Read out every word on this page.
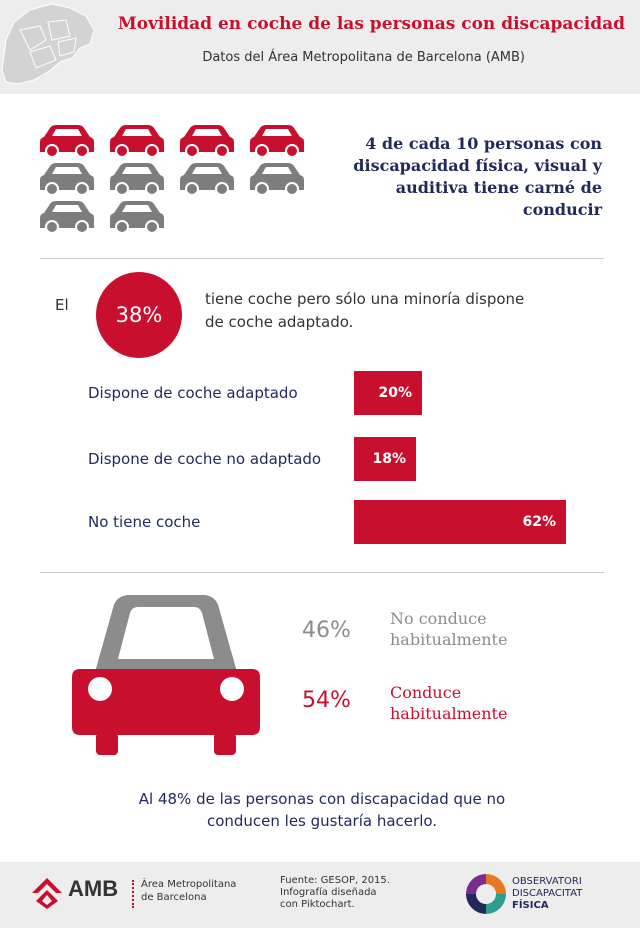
Movilidad en coche de las personas con discapacidad
Datos del Área Metropolitana de Barcelona (AMB)
4 de cada 10 personas con
discapacidad física, visual y
auditiva tiene carné de
conducir
El	38%
tiene coche pero sólo una minoría dispone
de coche adaptado.
Dispone de coche adaptado	20%
Dispone de coche no adaptado	18%
No tiene coche	62%
46%	No conduce
habitualmente
54%	Conduce
habitualmente
Al 48% de las personas con discapacidad que no
conducen les gustaría hacerlo.
AMB Àrea Metropolitana
de Barcelona
Fuente: GESOP, 2015.
Infografía diseñada
con Piktochart.
OBSERVATORI
DISCAPACITAT
FÍSICA
